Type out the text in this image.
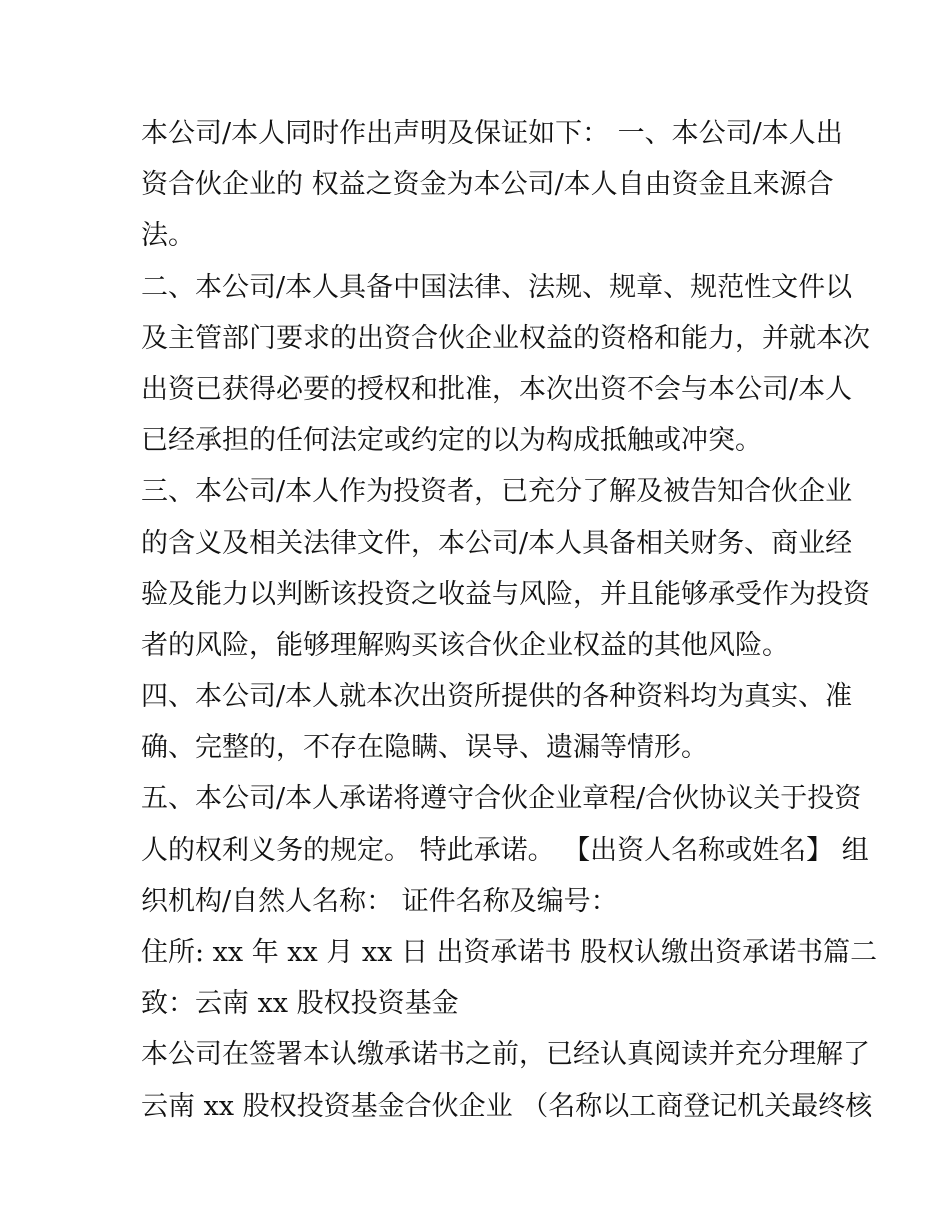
本公司/本人同时作出声明及保证如下： 一、本公司/本人出
资合伙企业的 权益之资金为本公司/本人自由资金且来源合
法。
二、本公司/本人具备中国法律、法规、规章、规范性文件以
及主管部门要求的出资合伙企业权益的资格和能力，并就本次
出资已获得必要的授权和批准，本次出资不会与本公司/本人
已经承担的任何法定或约定的以为构成抵触或冲突。
三、本公司/本人作为投资者，已充分了解及被告知合伙企业
的含义及相关法律文件，本公司/本人具备相关财务、商业经
验及能力以判断该投资之收益与风险，并且能够承受作为投资
者的风险，能够理解购买该合伙企业权益的其他风险。
四、本公司/本人就本次出资所提供的各种资料均为真实、准
确、完整的，不存在隐瞒、误导、遗漏等情形。
五、本公司/本人承诺将遵守合伙企业章程/合伙协议关于投资
人的权利义务的规定。 特此承诺。 【出资人名称或姓名】 组
织机构/自然人名称： 证件名称及编号：
住所: xx 年 xx 月 xx 日 出资承诺书 股权认缴出资承诺书篇二
致：云南 xx 股权投资基金
本公司在签署本认缴承诺书之前，已经认真阅读并充分理解了
云南 xx 股权投资基金合伙企业 （名称以工商登记机关最终核
